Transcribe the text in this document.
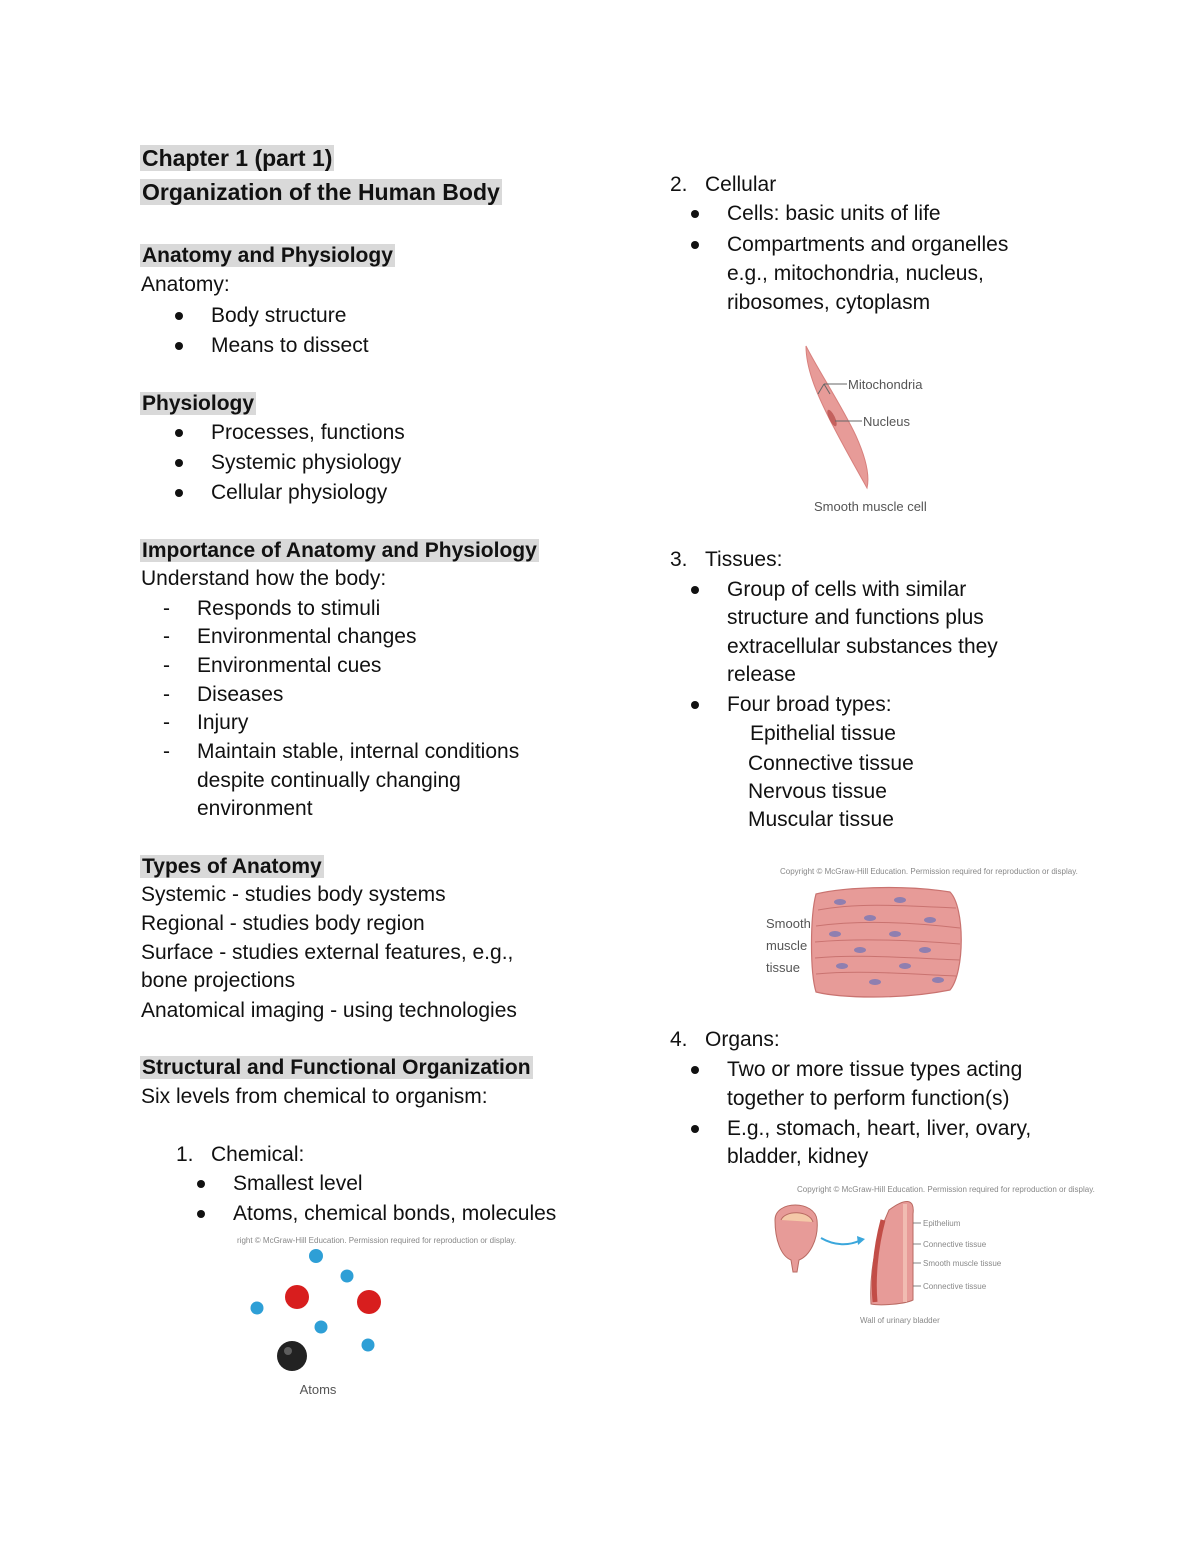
Chapter 1 (part 1)
Organization of the Human Body
Anatomy and Physiology
Anatomy:
Body structure
Means to dissect
Physiology
Processes, functions
Systemic physiology
Cellular physiology
Importance of Anatomy and Physiology
Understand how the body:
- Responds to stimuli
- Environmental changes
- Environmental cues
- Diseases
- Injury
- Maintain stable, internal conditions
despite continually changing
environment
Types of Anatomy
Systemic - studies body systems
Regional - studies body region
Surface - studies external features, e.g.,
bone projections
Anatomical imaging - using technologies
Structural and Functional Organization
Six levels from chemical to organism:
1. Chemical:
Smallest level
Atoms, chemical bonds, molecules
right © McGraw-Hill Education. Permission required for reproduction or display.
Atoms
2. Cellular
Cells: basic units of life
Compartments and organelles
e.g., mitochondria, nucleus,
ribosomes, cytoplasm
Mitochondria
Nucleus
Smooth muscle cell
3. Tissues:
Group of cells with similar
structure and functions plus
extracellular substances they
release
Four broad types:
Epithelial tissue
Connective tissue
Nervous tissue
Muscular tissue
Copyright © McGraw-Hill Education. Permission required for reproduction or display.
Smooth
muscle
tissue
4. Organs:
Two or more tissue types acting
together to perform function(s)
E.g., stomach, heart, liver, ovary,
bladder, kidney
Copyright © McGraw-Hill Education. Permission required for reproduction or display.
Epithelium
Connective tissue
Smooth muscle tissue
Connective tissue
Wall of urinary bladder
